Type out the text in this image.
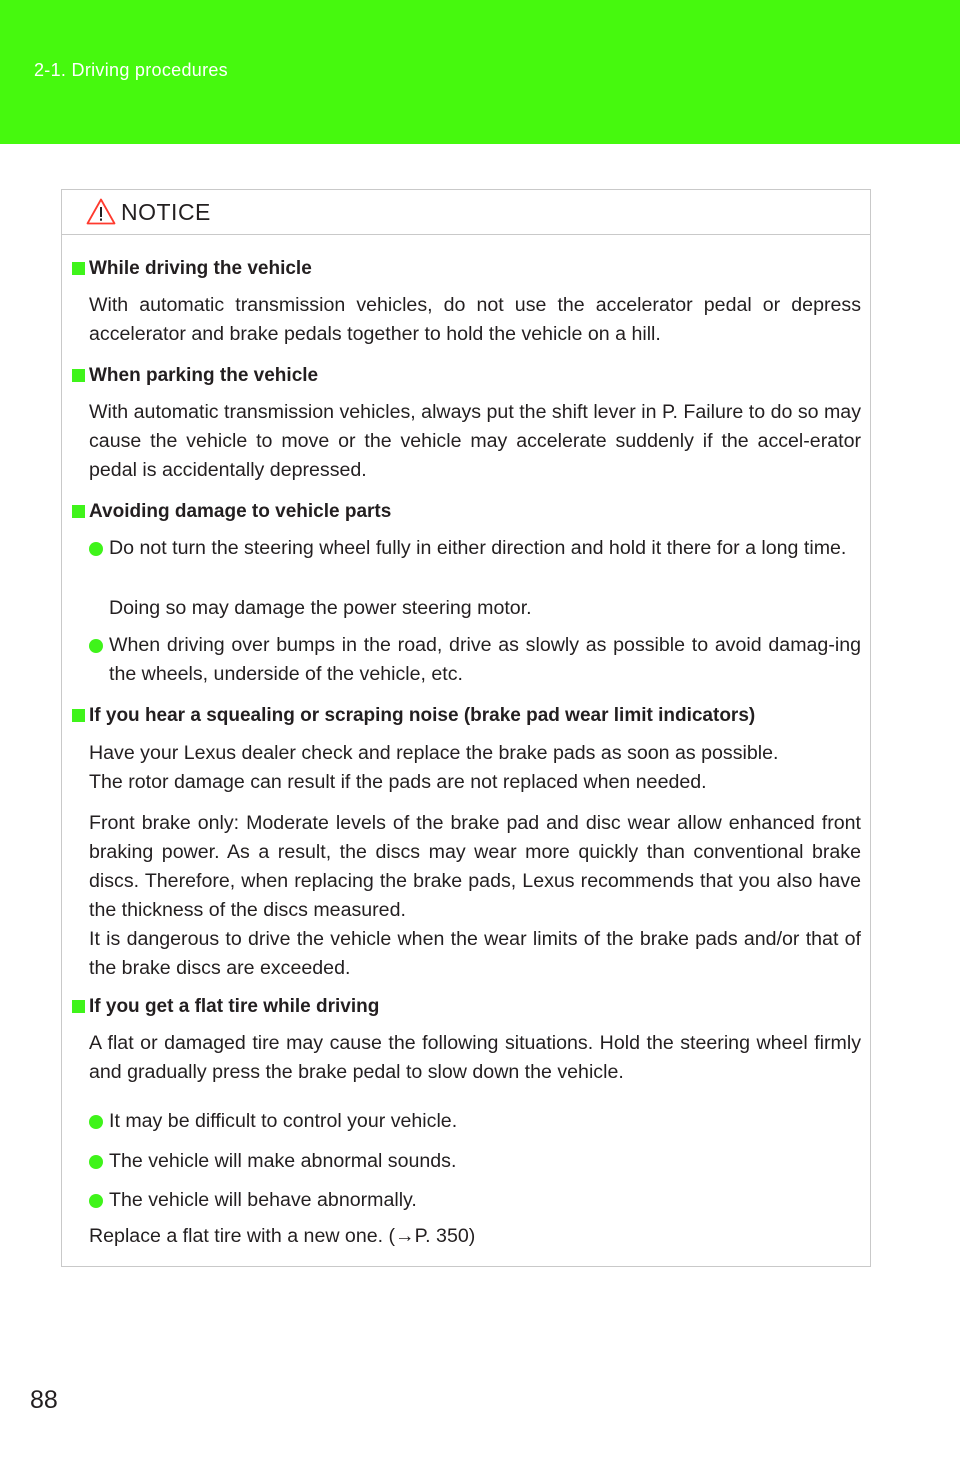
2-1. Driving procedures
NOTICE
While driving the vehicle

With automatic transmission vehicles, do not use the accelerator pedal or depress accelerator and brake pedals together to hold the vehicle on a hill.

When parking the vehicle

With automatic transmission vehicles, always put the shift lever in P. Failure to do so may cause the vehicle to move or the vehicle may accelerate suddenly if the accel-erator pedal is accidentally depressed.

Avoiding damage to vehicle parts
Do not turn the steering wheel fully in either direction and hold it there for a long time.

Doing so may damage the power steering motor.

When driving over bumps in the road, drive as slowly as possible to avoid damag-ing the wheels, underside of the vehicle, etc.
If you hear a squealing or scraping noise (brake pad wear limit indicators)

Have your Lexus dealer check and replace the brake pads as soon as possible.

The rotor damage can result if the pads are not replaced when needed.

Front brake only: Moderate levels of the brake pad and disc wear allow enhanced front braking power. As a result, the discs may wear more quickly than conventional brake discs. Therefore, when replacing the brake pads, Lexus recommends that you also have the thickness of the discs measured.

It is dangerous to drive the vehicle when the wear limits of the brake pads and/or that of the brake discs are exceeded.

If you get a flat tire while driving

A flat or damaged tire may cause the following situations. Hold the steering wheel firmly and gradually press the brake pedal to slow down the vehicle.

It may be difficult to control your vehicle.
The vehicle will make abnormal sounds.
The vehicle will behave abnormally.

Replace a flat tire with a new one. (→P. 350)

88
